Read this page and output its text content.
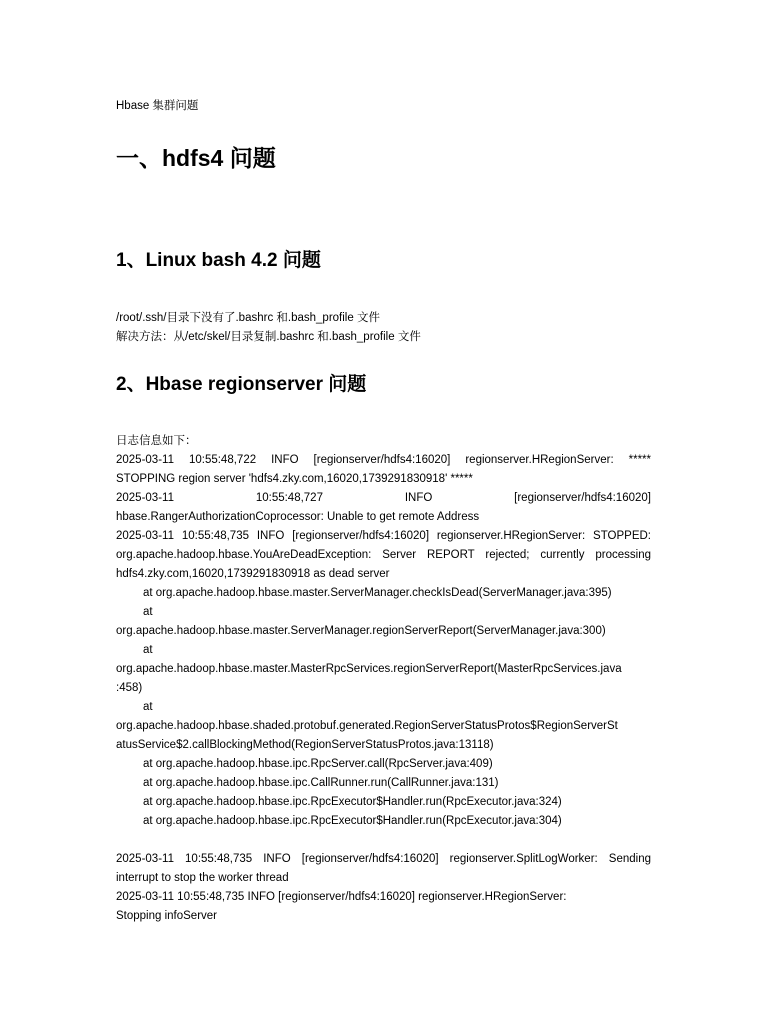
Hbase 集群问题
一、hdfs4 问题
1、Linux bash 4.2 问题
/root/.ssh/目录下没有了.bashrc 和.bash_profile 文件
解决方法：从/etc/skel/目录复制.bashrc 和.bash_profile 文件
2、Hbase regionserver 问题
日志信息如下：
2025-03-11 10:55:48,722 INFO [regionserver/hdfs4:16020] regionserver.HRegionServer: ***** STOPPING region server 'hdfs4.zky.com,16020,1739291830918' *****
2025-03-11	10:55:48,727	INFO	[regionserver/hdfs4:16020]
hbase.RangerAuthorizationCoprocessor: Unable to get remote Address
2025-03-11 10:55:48,735 INFO [regionserver/hdfs4:16020] regionserver.HRegionServer: STOPPED: org.apache.hadoop.hbase.YouAreDeadException: Server REPORT rejected; currently processing hdfs4.zky.com,16020,1739291830918 as dead server
at org.apache.hadoop.hbase.master.ServerManager.checkIsDead(ServerManager.java:395)
at
org.apache.hadoop.hbase.master.ServerManager.regionServerReport(ServerManager.java:300)
at
org.apache.hadoop.hbase.master.MasterRpcServices.regionServerReport(MasterRpcServices.java
:458)
at
org.apache.hadoop.hbase.shaded.protobuf.generated.RegionServerStatusProtos$RegionServerSt
atusService$2.callBlockingMethod(RegionServerStatusProtos.java:13118)
at org.apache.hadoop.hbase.ipc.RpcServer.call(RpcServer.java:409)
at org.apache.hadoop.hbase.ipc.CallRunner.run(CallRunner.java:131)
at org.apache.hadoop.hbase.ipc.RpcExecutor$Handler.run(RpcExecutor.java:324)
at org.apache.hadoop.hbase.ipc.RpcExecutor$Handler.run(RpcExecutor.java:304)
2025-03-11 10:55:48,735 INFO [regionserver/hdfs4:16020] regionserver.SplitLogWorker: Sending interrupt to stop the worker thread
2025-03-11 10:55:48,735 INFO [regionserver/hdfs4:16020] regionserver.HRegionServer:
Stopping infoServer
